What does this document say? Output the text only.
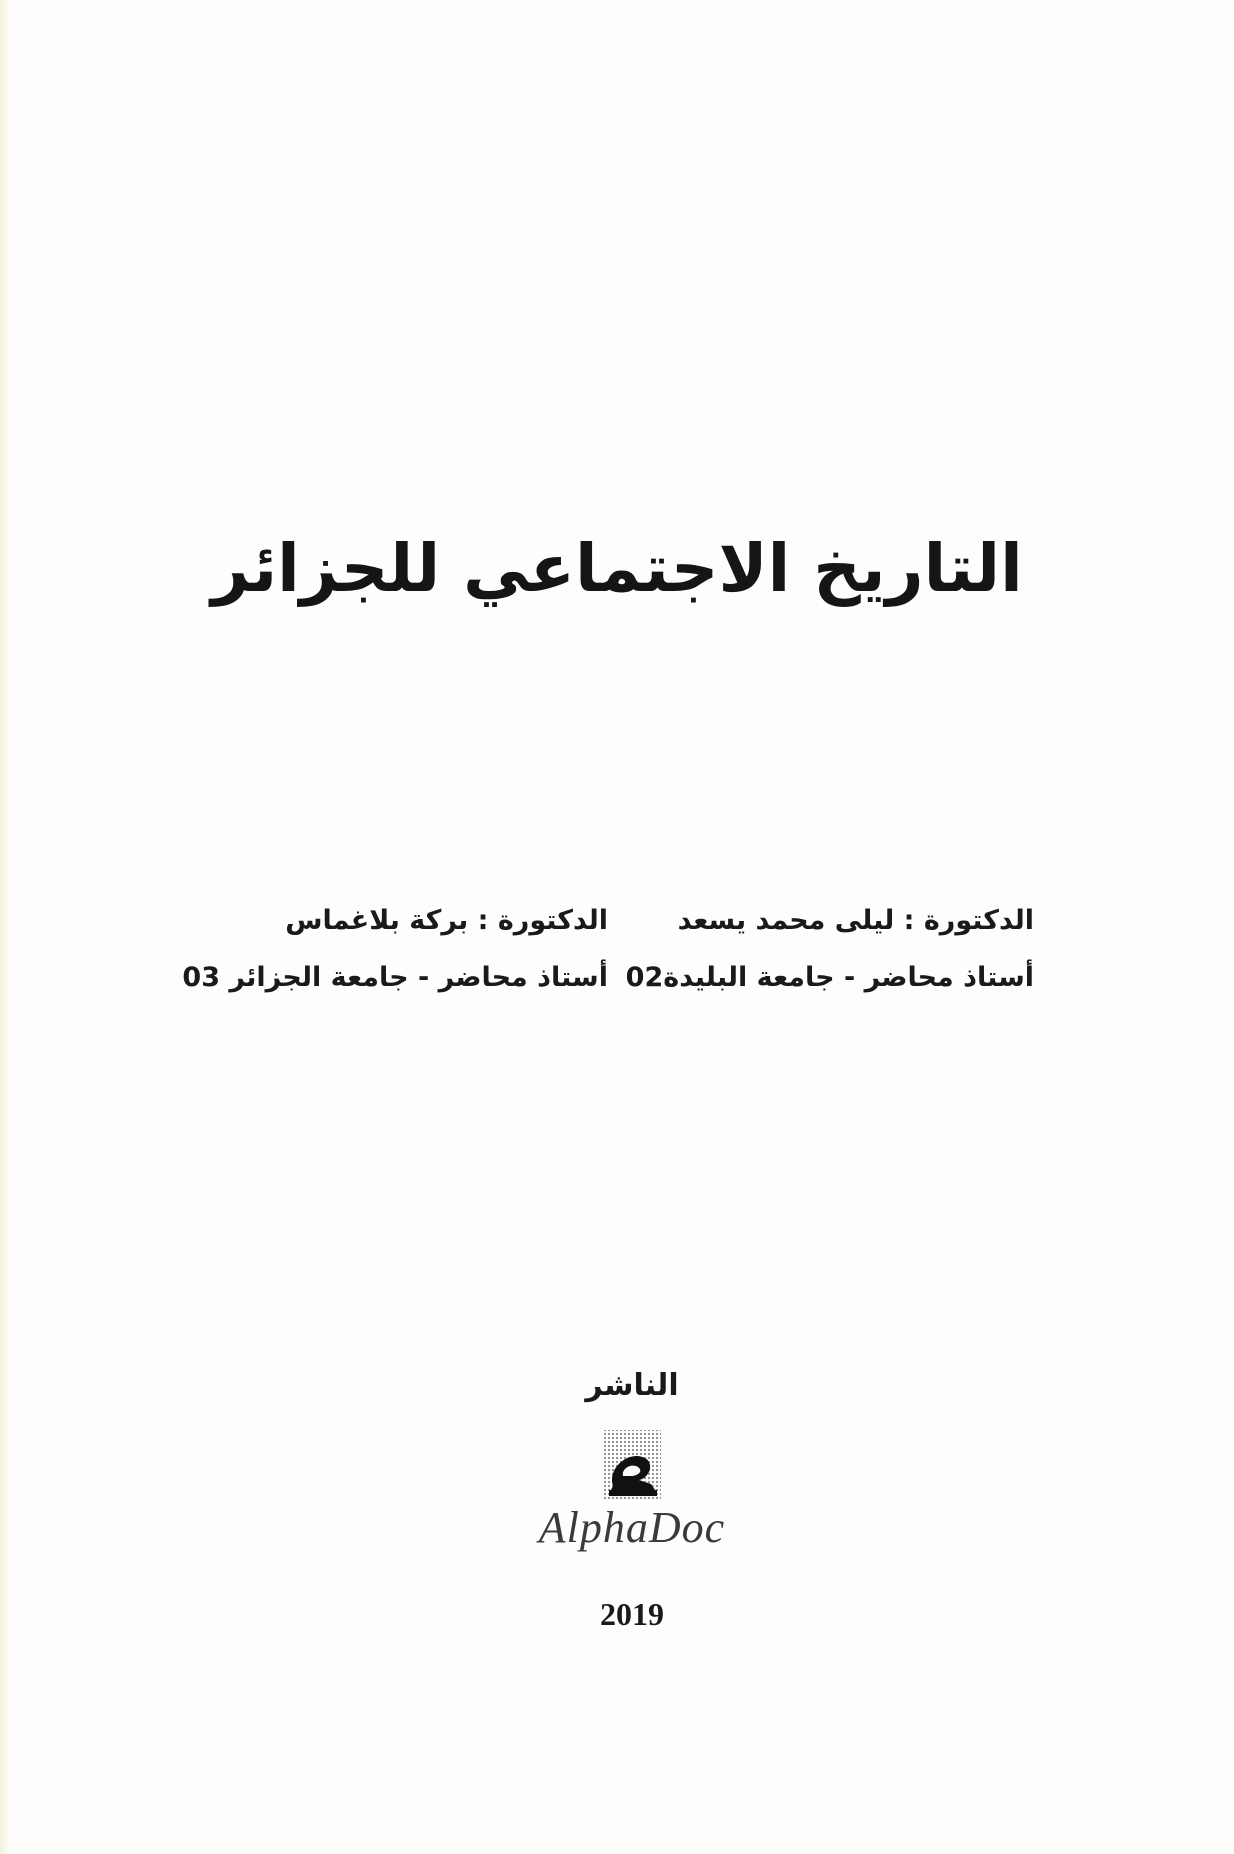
التاريخ الاجتماعي للجزائر
الدكتورة : ليلى محمد يسعد
أستاذ محاضر - جامعة البليدة02
الدكتورة : بركة بلاغماس
أستاذ محاضر - جامعة الجزائر 03
الناشر
AlphaDoc
2019
